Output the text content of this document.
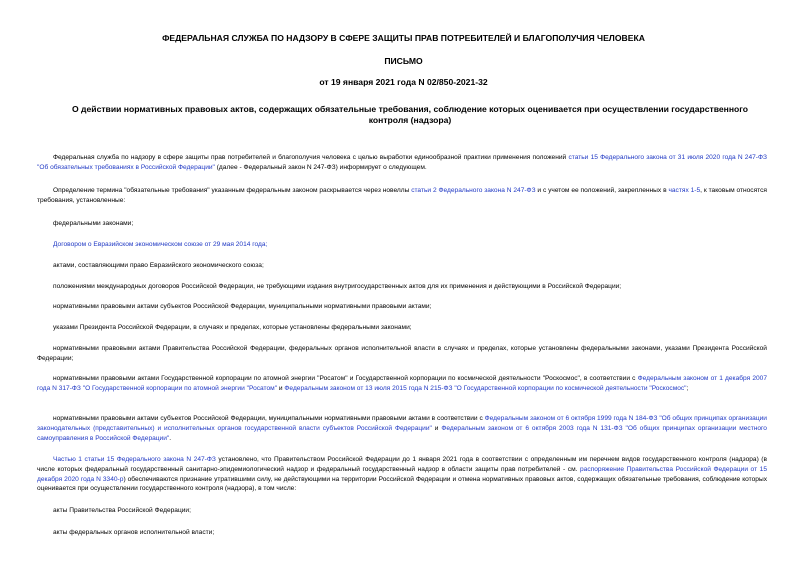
ФЕДЕРАЛЬНАЯ СЛУЖБА ПО НАДЗОРУ В СФЕРЕ ЗАЩИТЫ ПРАВ ПОТРЕБИТЕЛЕЙ И БЛАГОПОЛУЧИЯ ЧЕЛОВЕКА
ПИСЬМО
от 19 января 2021 года N 02/850-2021-32
О действии нормативных правовых актов, содержащих обязательные требования, соблюдение которых оценивается при осуществлении государственного контроля (надзора)

Федеральная служба по надзору в сфере защиты прав потребителей и благополучия человека с целью выработки единообразной практики применения положений статьи 15 Федерального закона от 31 июля 2020 года N 247-ФЗ "Об обязательных требованиях в Российской Федерации" (далее - Федеральный закон N 247-ФЗ) информирует о следующем.

Определение термина "обязательные требования" указанным федеральным законом раскрывается через новеллы статьи 2 Федерального закона N 247-ФЗ и с учетом ее положений, закрепленных в частях 1-5, к таковым относятся требования, установленные:

федеральными законами;

Договором о Евразийском экономическом союзе от 29 мая 2014 года;

актами, составляющими право Евразийского экономического союза;

положениями международных договоров Российской Федерации, не требующими издания внутригосударственных актов для их применения и действующими в Российской Федерации;

нормативными правовыми актами субъектов Российской Федерации, муниципальными нормативными правовыми актами;

указами Президента Российской Федерации, в случаях и пределах, которые установлены федеральными законами;

нормативными правовыми актами Правительства Российской Федерации, федеральных органов исполнительной власти в случаях и пределах, которые установлены федеральными законами, указами Президента Российской Федерации;

нормативными правовыми актами Государственной корпорации по атомной энергии "Росатом" и Государственной корпорации по космической деятельности "Роскосмос", в соответствии с Федеральным законом от 1 декабря 2007 года N 317-ФЗ "О Государственной корпорации по атомной энергии "Росатом" и Федеральным законом от 13 июля 2015 года N 215-ФЗ "О Государственной корпорации по космической деятельности "Роскосмос";

нормативными правовыми актами субъектов Российской Федерации, муниципальными нормативными правовыми актами в соответствии с Федеральным законом от 6 октября 1999 года N 184-ФЗ "Об общих принципах организации законодательных (представительных) и исполнительных органов государственной власти субъектов Российской Федерации" и Федеральным законом от 6 октября 2003 года N 131-ФЗ "Об общих принципах организации местного самоуправления в Российской Федерации".

Частью 1 статьи 15 Федерального закона N 247-ФЗ установлено, что Правительством Российской Федерации до 1 января 2021 года в соответствии с определенным им перечнем видов государственного контроля (надзора) (в числе которых федеральный государственный санитарно-эпидемиологический надзор и федеральный государственный надзор в области защиты прав потребителей - см. распоряжение Правительства Российской Федерации от 15 декабря 2020 года N 3340-р) обеспечиваются признание утратившими силу, не действующими на территории Российской Федерации и отмена нормативных правовых актов, содержащих обязательные требования, соблюдение которых оценивается при осуществлении государственного контроля (надзора), в том числе:

акты Правительства Российской Федерации;

акты федеральных органов исполнительной власти;
